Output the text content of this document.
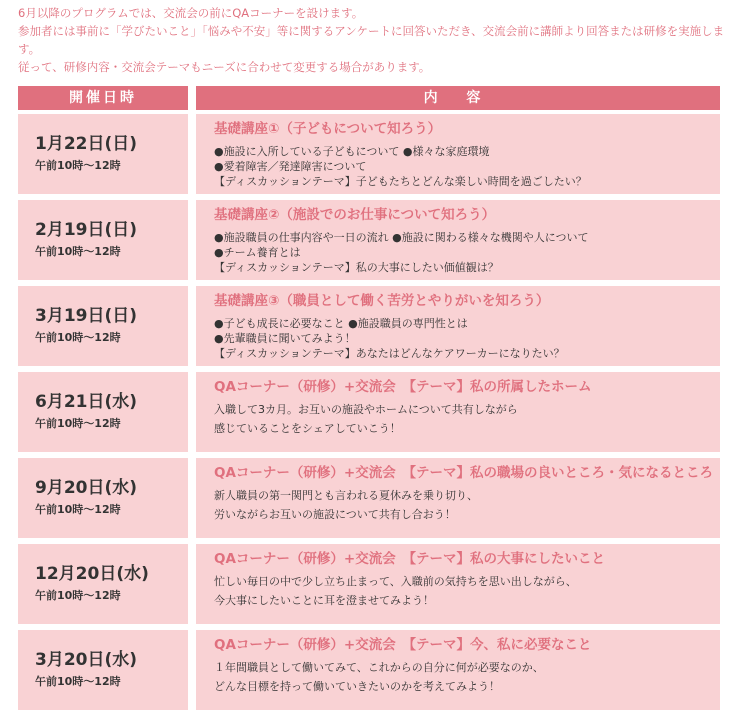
6月以降のプログラムでは、交流会の前にQAコーナーを設けます。

参加者には事前に「学びたいこと」「悩みや不安」等に関するアンケートに回答いただき、交流会前に講師より回答または研修を実施します。

従って、研修内容・交流会テーマもニーズに合わせて変更する場合があります。

開催日時	内 容
1月22日(日)
午前10時〜12時
基礎講座①（子どもについて知ろう）
●施設に入所している子どもについて ●様々な家庭環境
●愛着障害／発達障害について
【ディスカッションテーマ】子どもたちとどんな楽しい時間を過ごしたい？
2月19日(日)
午前10時〜12時
基礎講座②（施設でのお仕事について知ろう）
●施設職員の仕事内容や一日の流れ ●施設に関わる様々な機関や人について
●チーム養育とは
【ディスカッションテーマ】私の大事にしたい価値観は？
3月19日(日)
午前10時〜12時
基礎講座③（職員として働く苦労とやりがいを知ろう）
●子ども成長に必要なこと ●施設職員の専門性とは
●先輩職員に聞いてみよう！
【ディスカッションテーマ】あなたはどんなケアワーカーになりたい？
6月21日(水)
午前10時〜12時
QAコーナー（研修）+交流会　【テーマ】私の所属したホーム
入職して3カ月。お互いの施設やホームについて共有しながら
感じていることをシェアしていこう！
9月20日(水)
午前10時〜12時
QAコーナー（研修）+交流会　【テーマ】私の職場の良いところ・気になるところ
新人職員の第一関門とも言われる夏休みを乗り切り、
労いながらお互いの施設について共有し合おう！
12月20日(水)
午前10時〜12時
QAコーナー（研修）+交流会　【テーマ】私の大事にしたいこと
忙しい毎日の中で少し立ち止まって、入職前の気持ちを思い出しながら、
今大事にしたいことに耳を澄ませてみよう！
3月20日(水)
午前10時〜12時
QAコーナー（研修）+交流会　【テーマ】今、私に必要なこと
１年間職員として働いてみて、これからの自分に何が必要なのか、
どんな目標を持って働いていきたいのかを考えてみよう！
